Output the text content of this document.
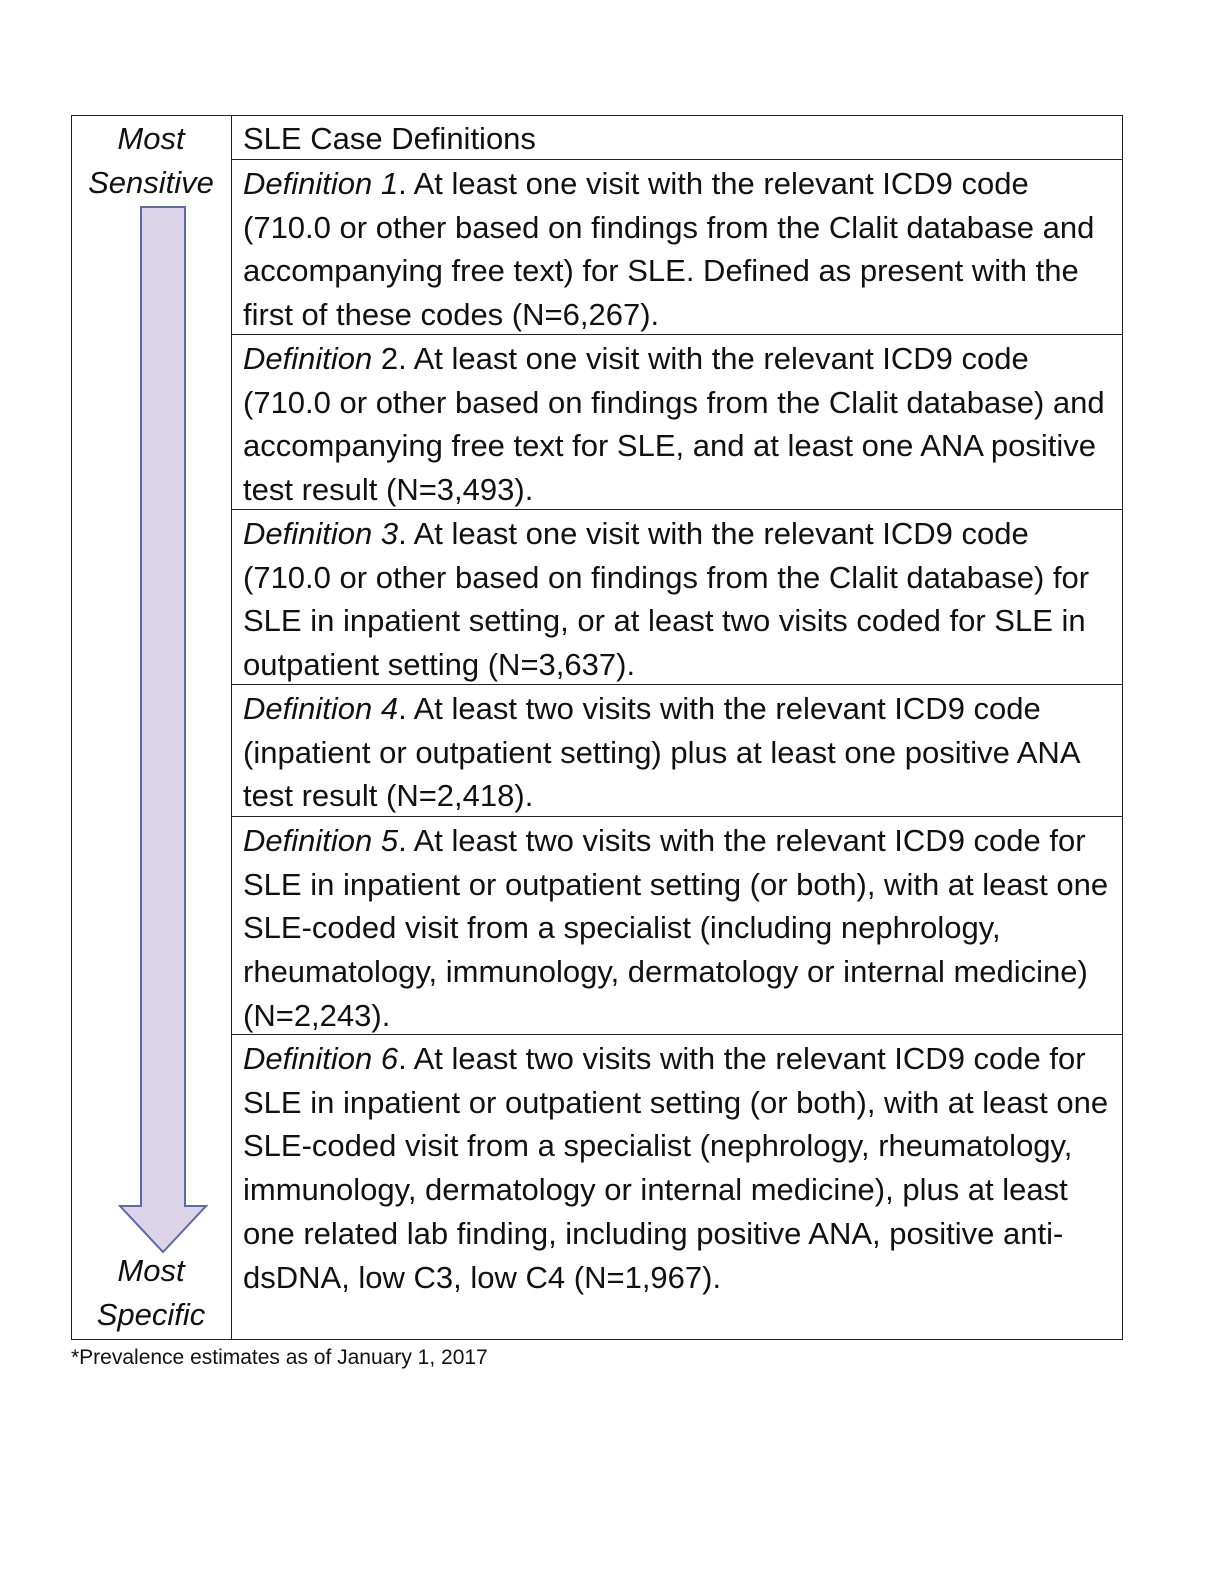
Most
Sensitive
Most
Specific
SLE Case Definitions
Definition 1. At least one visit with the relevant ICD9 code (710.0 or other based on findings from the Clalit database and accompanying free text) for SLE. Defined as present with the first of these codes (N=6,267).
Definition 2. At least one visit with the relevant ICD9 code (710.0 or other based on findings from the Clalit database) and accompanying free text for SLE, and at least one ANA positive test result (N=3,493).
Definition 3. At least one visit with the relevant ICD9 code (710.0 or other based on findings from the Clalit database) for SLE in inpatient setting, or at least two visits coded for SLE in outpatient setting (N=3,637).
Definition 4. At least two visits with the relevant ICD9 code (inpatient or outpatient setting) plus at least one positive ANA test result (N=2,418).
Definition 5. At least two visits with the relevant ICD9 code for SLE in inpatient or outpatient setting (or both), with at least one SLE-coded visit from a specialist (including nephrology, rheumatology, immunology, dermatology or internal medicine) (N=2,243).
Definition 6. At least two visits with the relevant ICD9 code for SLE in inpatient or outpatient setting (or both), with at least one SLE-coded visit from a specialist (nephrology, rheumatology, immunology, dermatology or internal medicine), plus at least one related lab finding, including positive ANA, positive anti-dsDNA, low C3, low C4 (N=1,967).
*Prevalence estimates as of January 1, 2017
